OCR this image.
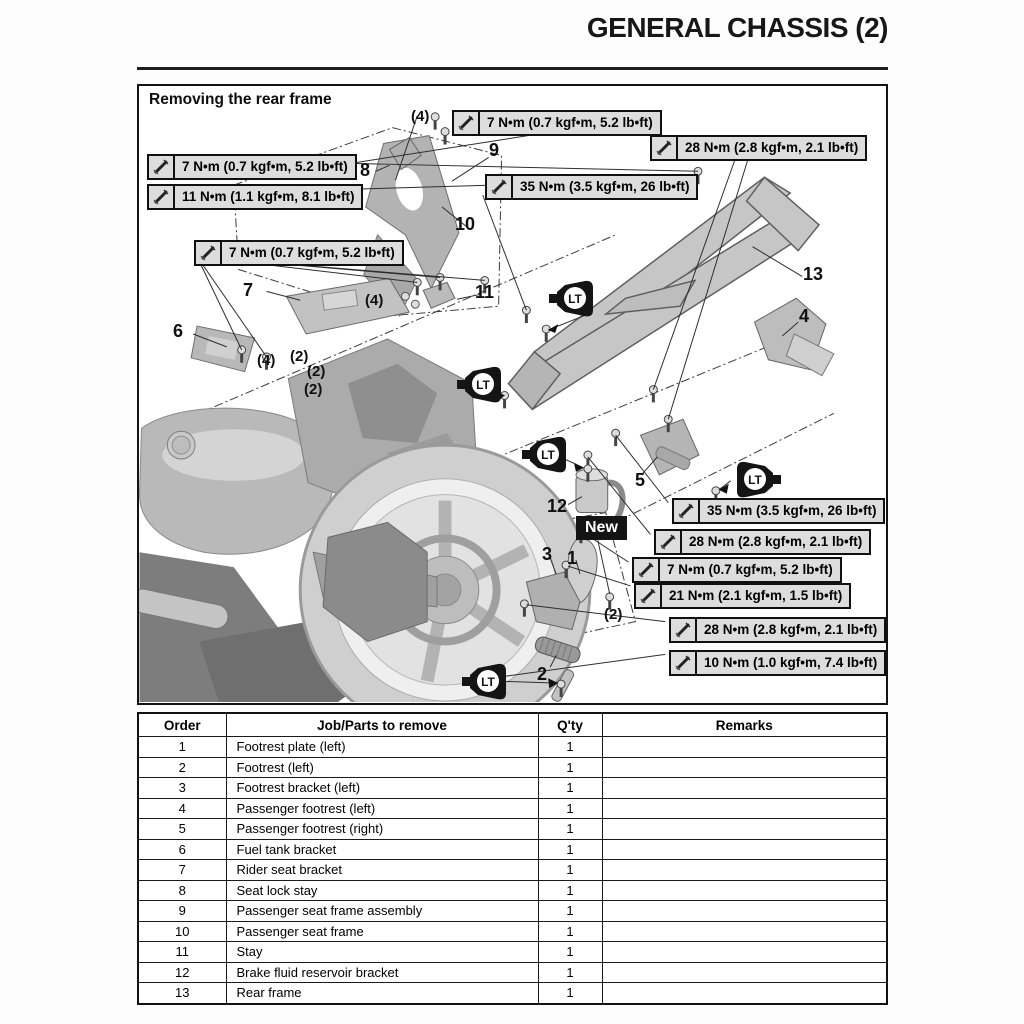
GENERAL CHASSIS (2)
Removing the rear frame
7 N•m (0.7 kgf•m, 5.2 lb•ft)
11 N•m (1.1 kgf•m, 8.1 lb•ft)
7 N•m (0.7 kgf•m, 5.2 lb•ft)
7 N•m (0.7 kgf•m, 5.2 lb•ft)
28 N•m (2.8 kgf•m, 2.1 lb•ft)
35 N•m (3.5 kgf•m, 26 lb•ft)
35 N•m (3.5 kgf•m, 26 lb•ft)
28 N•m (2.8 kgf•m, 2.1 lb•ft)
7 N•m (0.7 kgf•m, 5.2 lb•ft)
21 N•m (2.1 kgf•m, 1.5 lb•ft)
28 N•m (2.8 kgf•m, 2.1 lb•ft)
10 N•m (1.0 kgf•m, 7.4 lb•ft)
1
2
3
4
5
6
7
8
9
10
11
12
13
(4)
(4)
(4) (2)
(2)
(2)
(2)
New
LT
LT
LT
LT
LT
Order	Job/Parts to remove	Q'ty	Remarks
1	Footrest plate (left)	1	
2	Footrest (left)	1	
3	Footrest bracket (left)	1	
4	Passenger footrest (left)	1	
5	Passenger footrest (right)	1	
6	Fuel tank bracket	1	
7	Rider seat bracket	1	
8	Seat lock stay	1	
9	Passenger seat frame assembly	1	
10	Passenger seat frame	1	
11	Stay	1	
12	Brake fluid reservoir bracket	1	
13	Rear frame	1	
